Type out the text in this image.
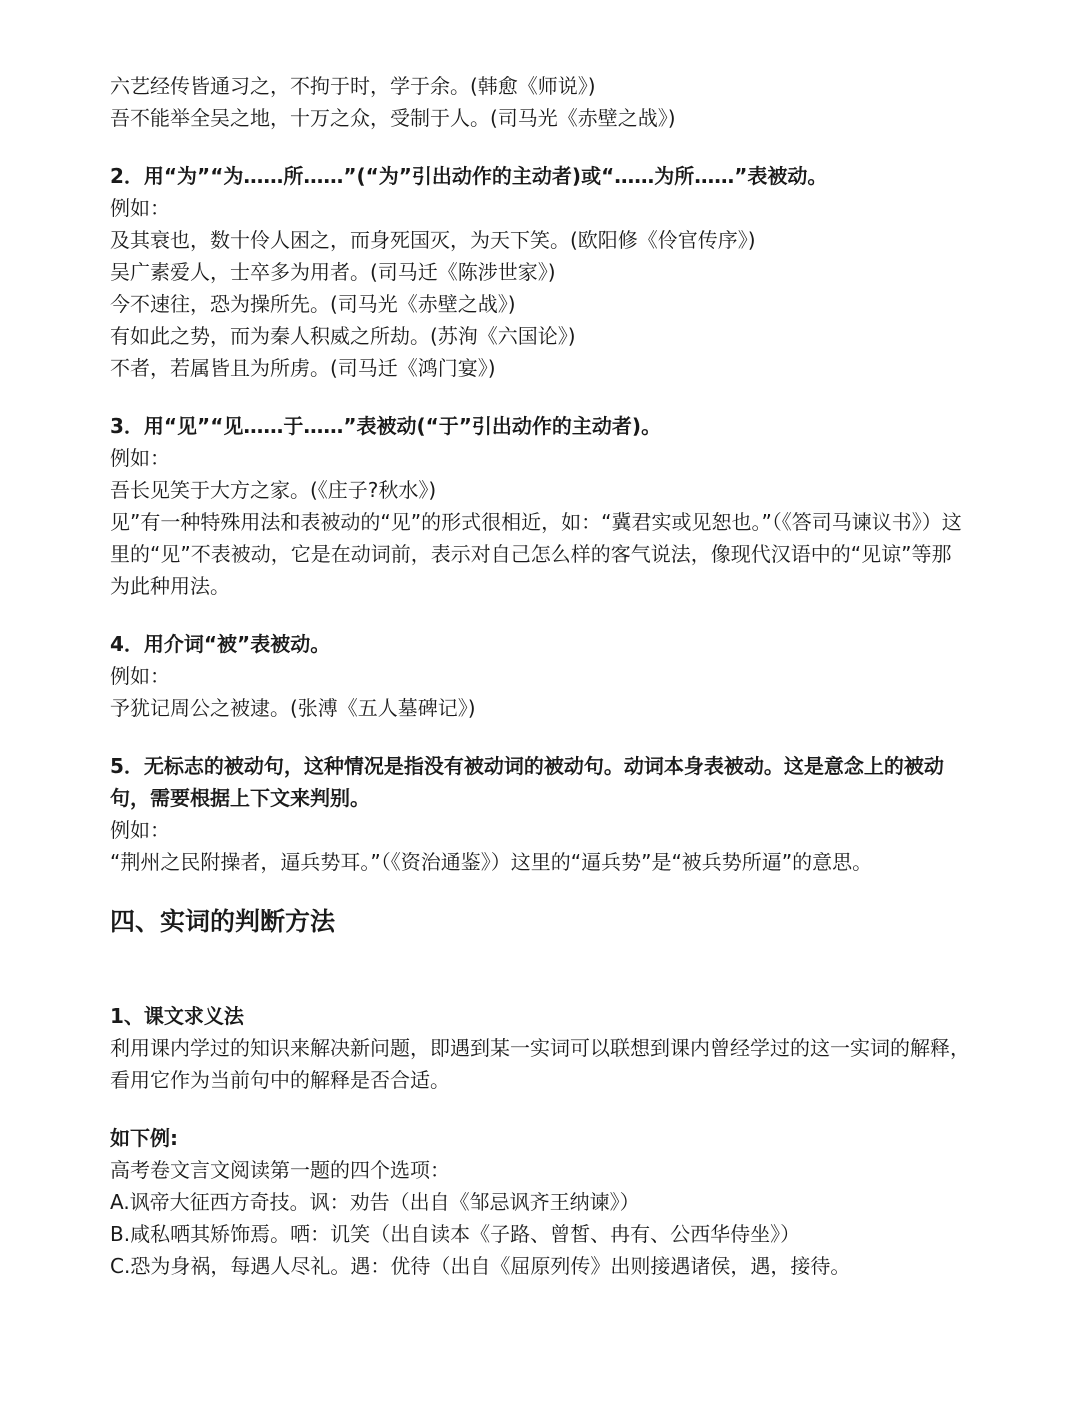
六艺经传皆通习之，不拘于时，学于余。(韩愈《师说》)

吾不能举全吴之地，十万之众，受制于人。(司马光《赤壁之战》)

2．用“为”“为……所……”(“为”引出动作的主动者)或“……为所……”表被动。

例如：

及其衰也，数十伶人困之，而身死国灭，为天下笑。(欧阳修《伶官传序》)

吴广素爱人，士卒多为用者。(司马迁《陈涉世家》)

今不速往，恐为操所先。(司马光《赤壁之战》)

有如此之势，而为秦人积威之所劫。(苏洵《六国论》)

不者，若属皆且为所虏。(司马迁《鸿门宴》)

3．用“见”“见……于……”表被动(“于”引出动作的主动者)。

例如：

吾长见笑于大方之家。(《庄子?秋水》)

见”有一种特殊用法和表被动的“见”的形式很相近，如：“冀君实或见恕也。”（《答司马谏议书》）这里的“见”不表被动，它是在动词前，表示对自己怎么样的客气说法，像现代汉语中的“见谅”等那为此种用法。

4．用介词“被”表被动。

例如：

予犹记周公之被逮。(张溥《五人墓碑记》)

5．无标志的被动句，这种情况是指没有被动词的被动句。动词本身表被动。这是意念上的被动句，需要根据上下文来判别。

例如：

“荆州之民附操者，逼兵势耳。”（《资治通鉴》）这里的“逼兵势”是“被兵势所逼”的意思。

四、实词的判断方法

1、课文求义法

利用课内学过的知识来解决新问题，即遇到某一实词可以联想到课内曾经学过的这一实词的解释，看用它作为当前句中的解释是否合适。

如下例:

高考卷文言文阅读第一题的四个选项：

A.讽帝大征西方奇技。讽：劝告（出自《邹忌讽齐王纳谏》）

B.咸私哂其矫饰焉。哂：讥笑（出自读本《子路、曾皙、冉有、公西华侍坐》）

C.恐为身祸，每遇人尽礼。遇：优待（出自《屈原列传》出则接遇诸侯，遇，接待。
